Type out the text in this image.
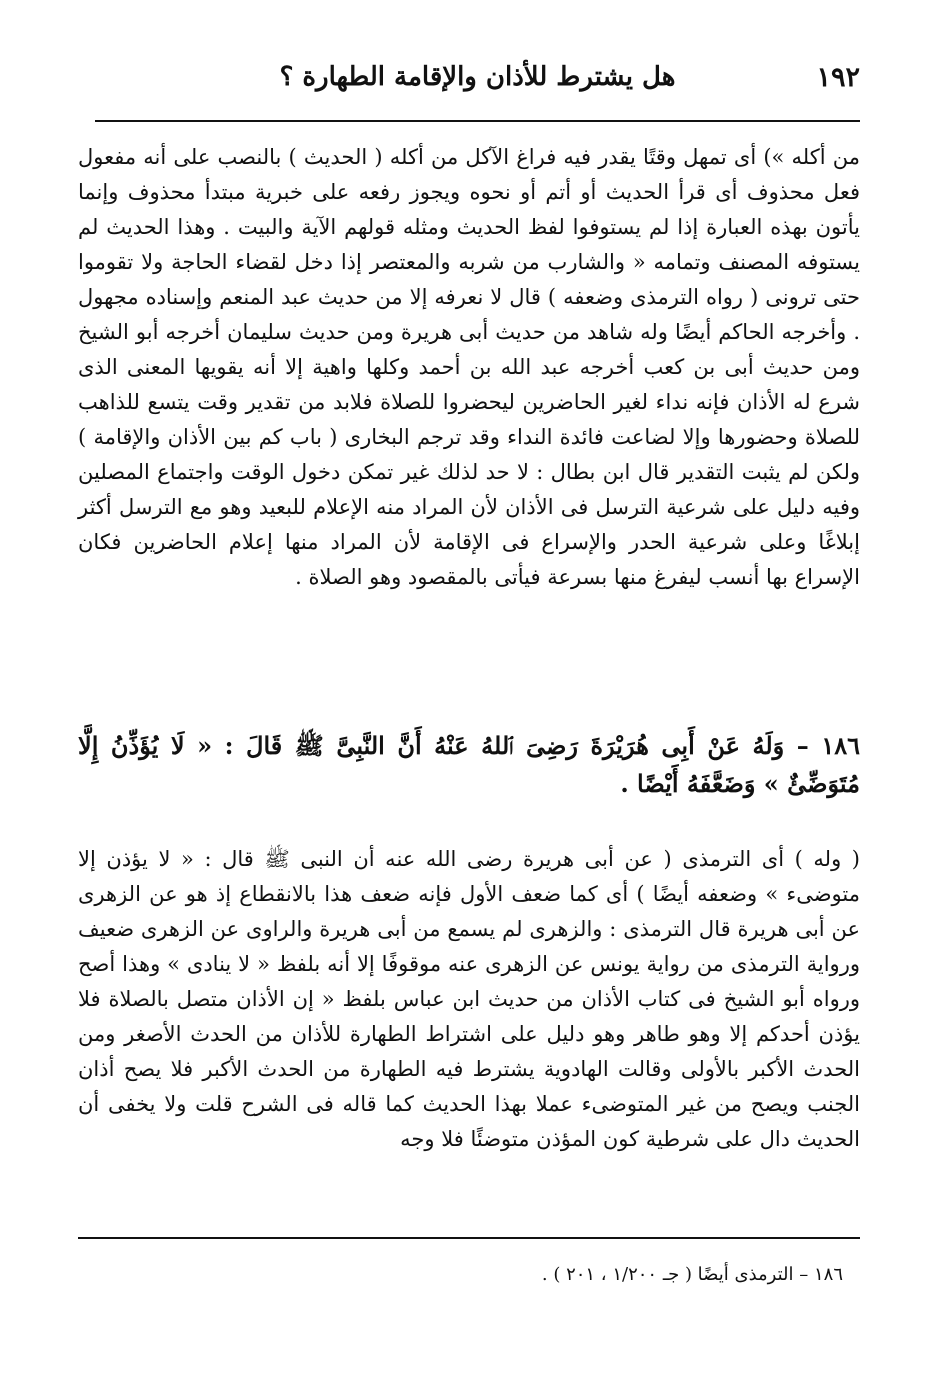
١٩٢
هل يشترط للأذان والإقامة الطهارة ؟

من أكله ») أى تمهل وقتًا يقدر فيه فراغ الآكل من أكله ( الحديث ) بالنصب على أنه مفعول فعل محذوف أى قرأ الحديث أو أتم أو نحوه ويجوز رفعه على خبرية مبتدأ محذوف وإنما يأتون بهذه العبارة إذا لم يستوفوا لفظ الحديث ومثله قولهم الآية والبيت . وهذا الحديث لم يستوفه المصنف وتمامه « والشارب من شربه والمعتصر إذا دخل لقضاء الحاجة ولا تقوموا حتى ترونى ( رواه الترمذى وضعفه ) قال لا نعرفه إلا من حديث عبد المنعم وإسناده مجهول . وأخرجه الحاكم أيضًا وله شاهد من حديث أبى هريرة ومن حديث سليمان أخرجه أبو الشيخ ومن حديث أبى بن كعب أخرجه عبد الله بن أحمد وكلها واهية إلا أنه يقويها المعنى الذى شرع له الأذان فإنه نداء لغير الحاضرين ليحضروا للصلاة فلابد من تقدير وقت يتسع للذاهب للصلاة وحضورها وإلا لضاعت فائدة النداء وقد ترجم البخارى ( باب كم بين الأذان والإقامة ) ولكن لم يثبت التقدير قال ابن بطال : لا حد لذلك غير تمكن دخول الوقت واجتماع المصلين وفيه دليل على شرعية الترسل فى الأذان لأن المراد منه الإعلام للبعيد وهو مع الترسل أكثر إبلاغًا وعلى شرعية الحدر والإسراع فى الإقامة لأن المراد منها إعلام الحاضرين فكان الإسراع بها أنسب ليفرغ منها بسرعة فيأتى بالمقصود وهو الصلاة .

١٨٦ – وَلَهُ عَنْ أَبِى هُرَيْرَةَ رَضِىَ ٱللهُ عَنْهُ أَنَّ النَّبِىَّ ﷺ قَالَ : « لَا يُؤَذِّنُ إِلَّا مُتَوَضِّئٌ » وَضَعَّفَهُ أَيْضًا .

( وله ) أى الترمذى ( عن أبى هريرة رضى الله عنه أن النبى ﷺ قال : « لا يؤذن إلا متوضىء » وضعفه أيضًا ) أى كما ضعف الأول فإنه ضعف هذا بالانقطاع إذ هو عن الزهرى عن أبى هريرة قال الترمذى : والزهرى لم يسمع من أبى هريرة والراوى عن الزهرى ضعيف ورواية الترمذى من رواية يونس عن الزهرى عنه موقوفًا إلا أنه بلفظ « لا ينادى » وهذا أصح ورواه أبو الشيخ فى كتاب الأذان من حديث ابن عباس بلفظ « إن الأذان متصل بالصلاة فلا يؤذن أحدكم إلا وهو طاهر وهو دليل على اشتراط الطهارة للأذان من الحدث الأصغر ومن الحدث الأكبر بالأولى وقالت الهادوية يشترط فيه الطهارة من الحدث الأكبر فلا يصح أذان الجنب ويصح من غير المتوضىء عملا بهذا الحديث كما قاله فى الشرح قلت ولا يخفى أن الحديث دال على شرطية كون المؤذن متوضئًا فلا وجه

١٨٦ – الترمذى أيضًا ( جـ ١/٢٠٠ ، ٢٠١ ) .
